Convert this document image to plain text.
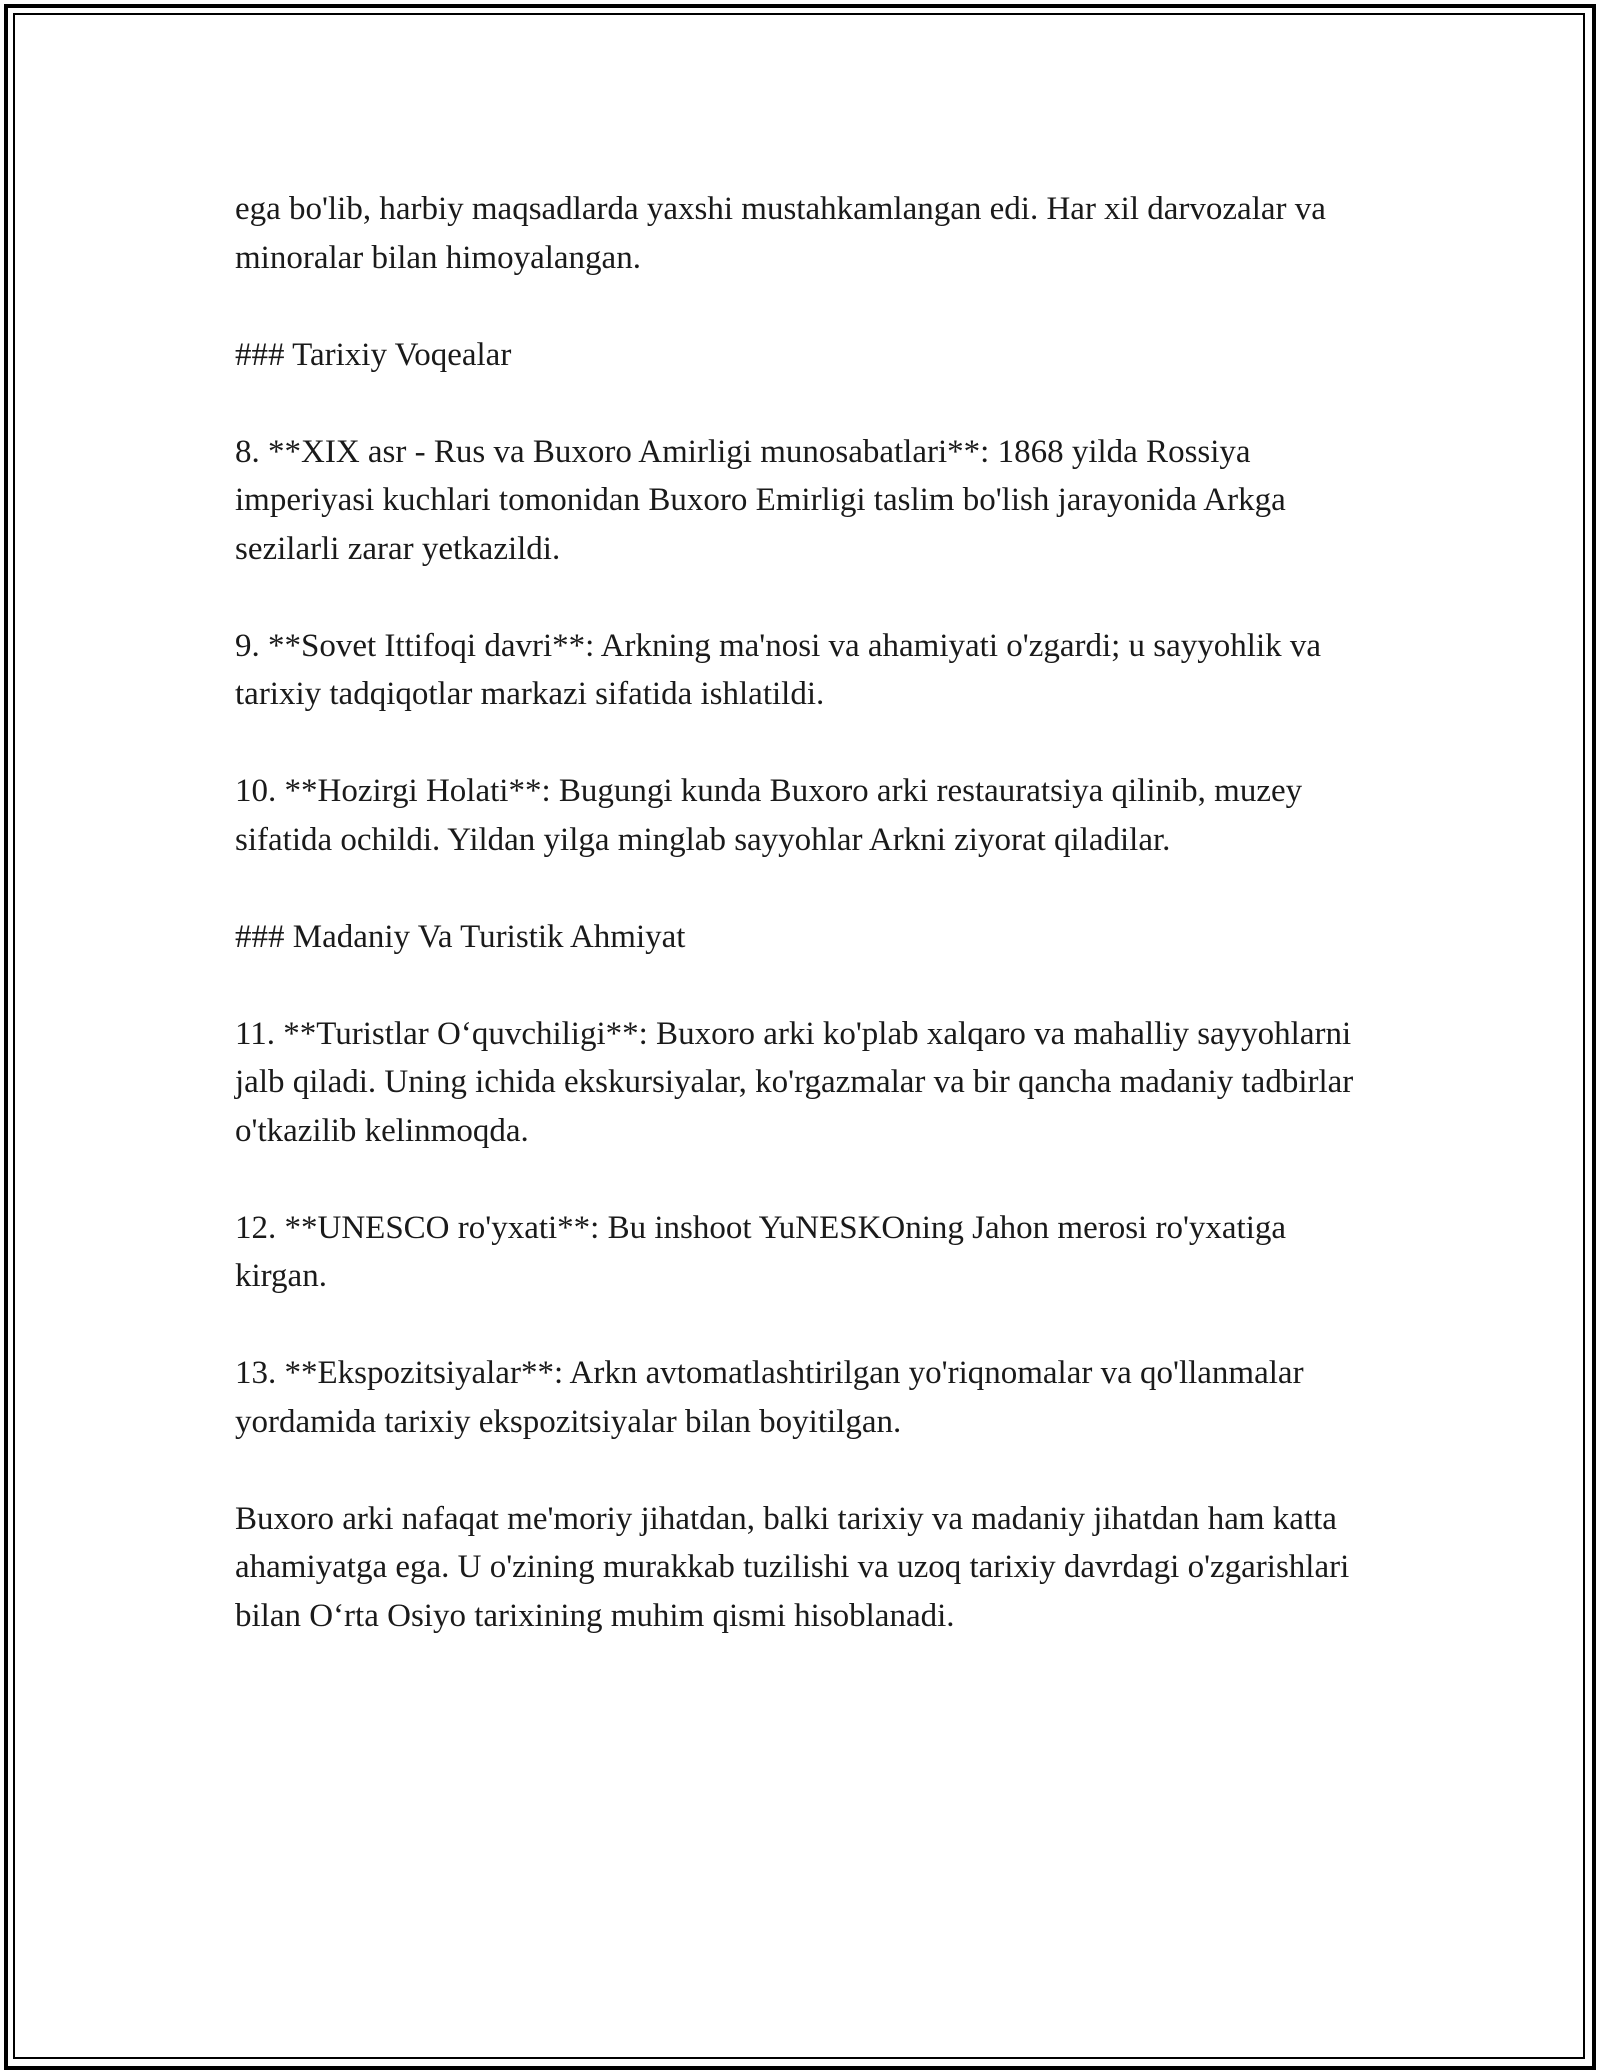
ega bo'lib, harbiy maqsadlarda yaxshi mustahkamlangan edi. Har xil darvozalar va minoralar bilan himoyalangan.

### Tarixiy Voqealar

8. **XIX asr - Rus va Buxoro Amirligi munosabatlari**: 1868 yilda Rossiya imperiyasi kuchlari tomonidan Buxoro Emirligi taslim bo'lish jarayonida Arkga sezilarli zarar yetkazildi.

9. **Sovet Ittifoqi davri**: Arkning ma'nosi va ahamiyati o'zgardi; u sayyohlik va tarixiy tadqiqotlar markazi sifatida ishlatildi.

10. **Hozirgi Holati**: Bugungi kunda Buxoro arki restauratsiya qilinib, muzey sifatida ochildi. Yildan yilga minglab sayyohlar Arkni ziyorat qiladilar.

### Madaniy Va Turistik Ahmiyat

11. **Turistlar O‘quvchiligi**: Buxoro arki ko'plab xalqaro va mahalliy sayyohlarni jalb qiladi. Uning ichida ekskursiyalar, ko'rgazmalar va bir qancha madaniy tadbirlar o'tkazilib kelinmoqda.

12. **UNESCO ro'yxati**: Bu inshoot YuNESKOning Jahon merosi ro'yxatiga kirgan.

13. **Ekspozitsiyalar**: Arkn avtomatlashtirilgan yo'riqnomalar va qo'llanmalar yordamida tarixiy ekspozitsiyalar bilan boyitilgan.

Buxoro arki nafaqat me'moriy jihatdan, balki tarixiy va madaniy jihatdan ham katta ahamiyatga ega. U o'zining murakkab tuzilishi va uzoq tarixiy davrdagi o'zgarishlari bilan O‘rta Osiyo tarixining muhim qismi hisoblanadi.
